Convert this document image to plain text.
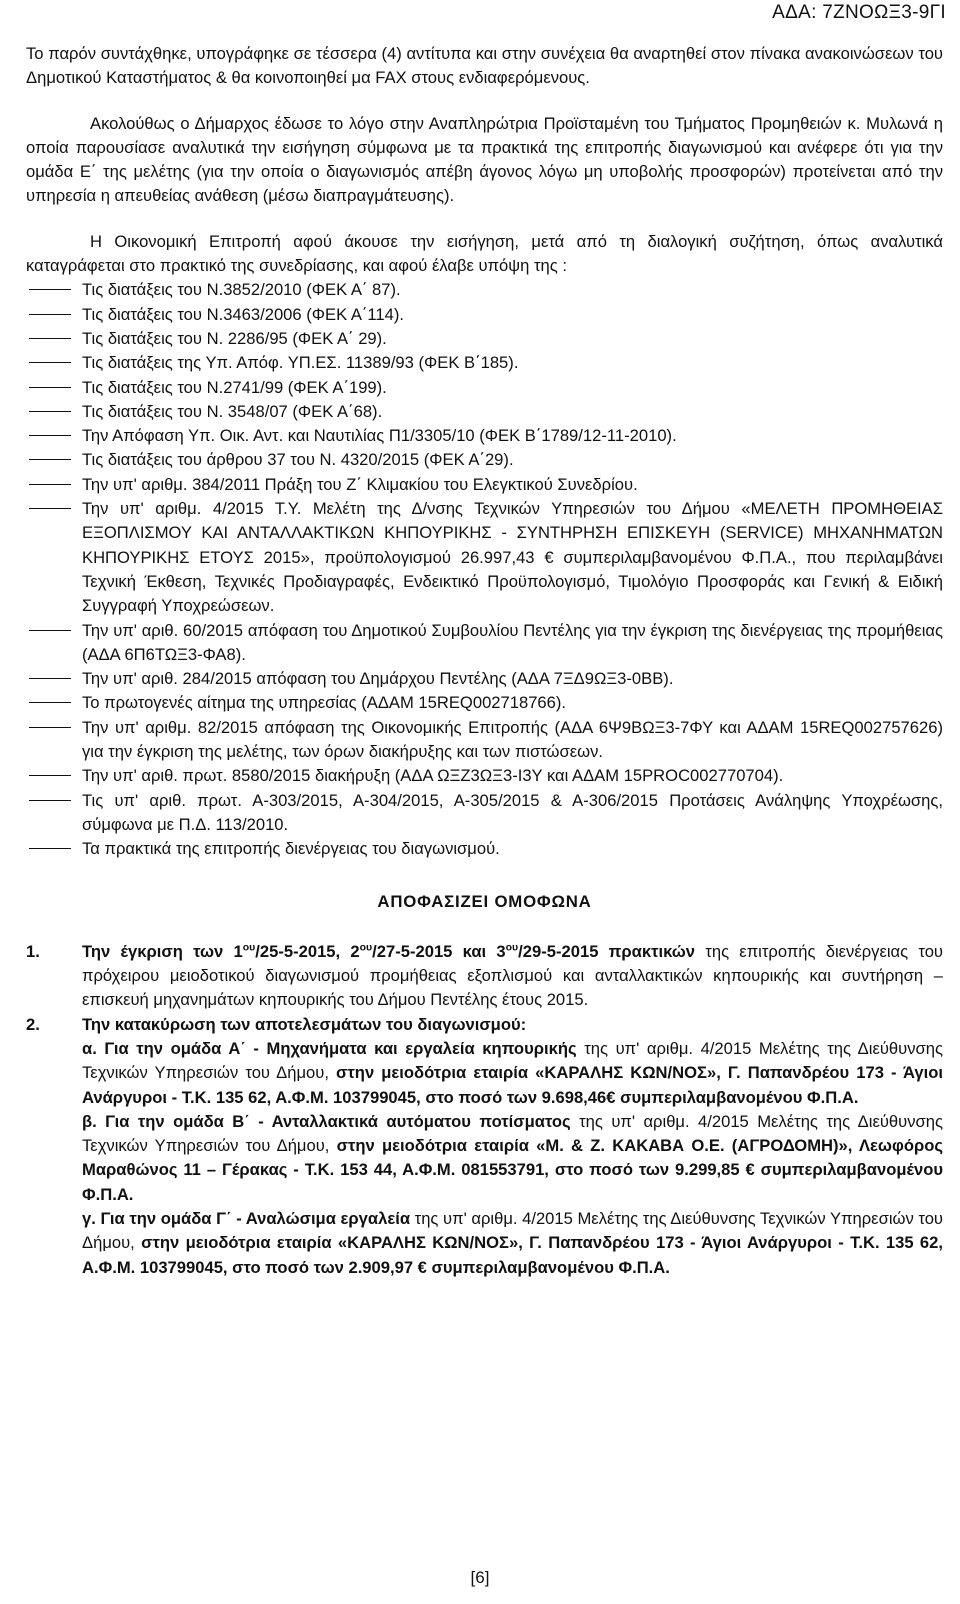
ΑΔΑ: 7ΖΝΟΩΞ3-9ΓΙ

Το παρόν συντάχθηκε, υπογράφηκε σε τέσσερα (4) αντίτυπα και στην συνέχεια θα αναρτηθεί στον πίνακα ανακοινώσεων του Δημοτικού Καταστήματος & θα κοινοποιηθεί μα FAX στους ενδιαφερόμενους.

Ακολούθως ο Δήμαρχος έδωσε το λόγο στην Αναπληρώτρια Προϊσταμένη του Τμήματος Προμηθειών κ. Μυλωνά η οποία παρουσίασε αναλυτικά την εισήγηση σύμφωνα με τα πρακτικά της επιτροπής διαγωνισμού και ανέφερε ότι για την ομάδα Ε΄ της μελέτης (για την οποία ο διαγωνισμός απέβη άγονος λόγω μη υποβολής προσφορών) προτείνεται από την υπηρεσία η απευθείας ανάθεση (μέσω διαπραγμάτευσης).

Η Οικονομική Επιτροπή αφού άκουσε την εισήγηση, μετά από τη διαλογική συζήτηση, όπως αναλυτικά καταγράφεται στο πρακτικό της συνεδρίασης, και αφού έλαβε υπόψη της :

Τις διατάξεις του Ν.3852/2010 (ΦΕΚ Α΄ 87).
Τις διατάξεις του Ν.3463/2006 (ΦΕΚ Α΄114).
Τις διατάξεις του Ν. 2286/95 (ΦΕΚ Α΄ 29).
Τις διατάξεις της Υπ. Απόφ. ΥΠ.ΕΣ. 11389/93 (ΦΕΚ Β΄185).
Τις διατάξεις του Ν.2741/99 (ΦΕΚ Α΄199).
Τις διατάξεις του Ν. 3548/07 (ΦΕΚ Α΄68).
Την Απόφαση Υπ. Οικ. Αντ. και Ναυτιλίας Π1/3305/10 (ΦΕΚ Β΄1789/12-11-2010).
Τις διατάξεις του άρθρου 37 του Ν. 4320/2015 (ΦΕΚ Α΄29).
Την υπ' αριθμ. 384/2011 Πράξη του Ζ΄ Κλιμακίου του Ελεγκτικού Συνεδρίου.
Την υπ' αριθμ. 4/2015 Τ.Υ. Μελέτη της Δ/νσης Τεχνικών Υπηρεσιών του Δήμου «ΜΕΛΕΤΗ ΠΡΟΜΗΘΕΙΑΣ ΕΞΟΠΛΙΣΜΟΥ ΚΑΙ ΑΝΤΑΛΛΑΚΤΙΚΩΝ ΚΗΠΟΥΡΙΚΗΣ - ΣΥΝΤΗΡΗΣΗ ΕΠΙΣΚΕΥΗ (SERVICE) ΜΗΧΑΝΗΜΑΤΩΝ ΚΗΠΟΥΡΙΚΗΣ ΕΤΟΥΣ 2015», προϋπολογισμού 26.997,43 € συμπεριλαμβανομένου Φ.Π.Α., που περιλαμβάνει Τεχνική Έκθεση, Τεχνικές Προδιαγραφές, Ενδεικτικό Προϋπολογισμό, Τιμολόγιο Προσφοράς και Γενική & Ειδική Συγγραφή Υποχρεώσεων.
Την υπ' αριθ. 60/2015 απόφαση του Δημοτικού Συμβουλίου Πεντέλης για την έγκριση της διενέργειας της προμήθειας (ΑΔΑ 6Π6ΤΩΞ3-ΦΑ8).
Την υπ' αριθ. 284/2015 απόφαση του Δημάρχου Πεντέλης (ΑΔΑ 7ΞΔ9ΩΞ3-0ΒΒ).
Το πρωτογενές αίτημα της υπηρεσίας (ΑΔΑΜ 15REQ002718766).
Την υπ' αριθμ. 82/2015 απόφαση της Οικονομικής Επιτροπής (ΑΔΑ 6Ψ9ΒΩΞ3-7ΦΥ και ΑΔΑΜ 15REQ002757626) για την έγκριση της μελέτης, των όρων διακήρυξης και των πιστώσεων.
Την υπ' αριθ. πρωτ. 8580/2015 διακήρυξη (ΑΔΑ ΩΞΖ3ΩΞ3-Ι3Υ και ΑΔΑΜ 15PROC002770704).
Τις υπ' αριθ. πρωτ. Α-303/2015, Α-304/2015, Α-305/2015 & Α-306/2015 Προτάσεις Ανάληψης Υποχρέωσης, σύμφωνα με Π.Δ. 113/2010.
Τα πρακτικά της επιτροπής διενέργειας του διαγωνισμού.
ΑΠΟΦΑΣΙΖΕΙ ΟΜΟΦΩΝΑ
1.	Την έγκριση των $1^{o\upsilon}/25-5-2015$, $2^{o\upsilon}/27-5-2015$ και $3^{o\upsilon}/29-5-2015$ πρακτικών της επιτροπής διενέργειας του πρόχειρου μειοδοτικού διαγωνισμού προμήθειας εξοπλισμού και ανταλλακτικών κηπουρικής και συντήρηση – επισκευή μηχανημάτων κηπουρικής του Δήμου Πεντέλης έτους 2015.
2.	Την κατακύρωση των αποτελεσμάτων του διαγωνισμού:

α. Για την ομάδα Α΄ - Μηχανήματα και εργαλεία κηπουρικής της υπ' αριθμ. 4/2015 Μελέτης της Διεύθυνσης Τεχνικών Υπηρεσιών του Δήμου, στην μειοδότρια εταιρία «ΚΑΡΑΛΗΣ ΚΩΝ/ΝΟΣ», Γ. Παπανδρέου 173 - Άγιοι Ανάργυροι - Τ.Κ. 135 62, Α.Φ.Μ. 103799045, στο ποσό των 9.698,46€ συμπεριλαμβανομένου Φ.Π.Α.

β. Για την ομάδα Β΄ - Ανταλλακτικά αυτόματου ποτίσματος της υπ' αριθμ. 4/2015 Μελέτης της Διεύθυνσης Τεχνικών Υπηρεσιών του Δήμου, στην μειοδότρια εταιρία «Μ. & Ζ. ΚΑΚΑΒΑ Ο.Ε. (ΑΓΡΟΔΟΜΗ)», Λεωφόρος Μαραθώνος 11 – Γέρακας - Τ.Κ. 153 44, Α.Φ.Μ. 081553791, στο ποσό των 9.299,85 € συμπεριλαμβανομένου Φ.Π.Α.

γ. Για την ομάδα Γ΄ - Αναλώσιμα εργαλεία της υπ' αριθμ. 4/2015 Μελέτης της Διεύθυνσης Τεχνικών Υπηρεσιών του Δήμου, στην μειοδότρια εταιρία «ΚΑΡΑΛΗΣ ΚΩΝ/ΝΟΣ», Γ. Παπανδρέου 173 - Άγιοι Ανάργυροι - Τ.Κ. 135 62, Α.Φ.Μ. 103799045, στο ποσό των 2.909,97 € συμπεριλαμβανομένου Φ.Π.Α.

[6]
